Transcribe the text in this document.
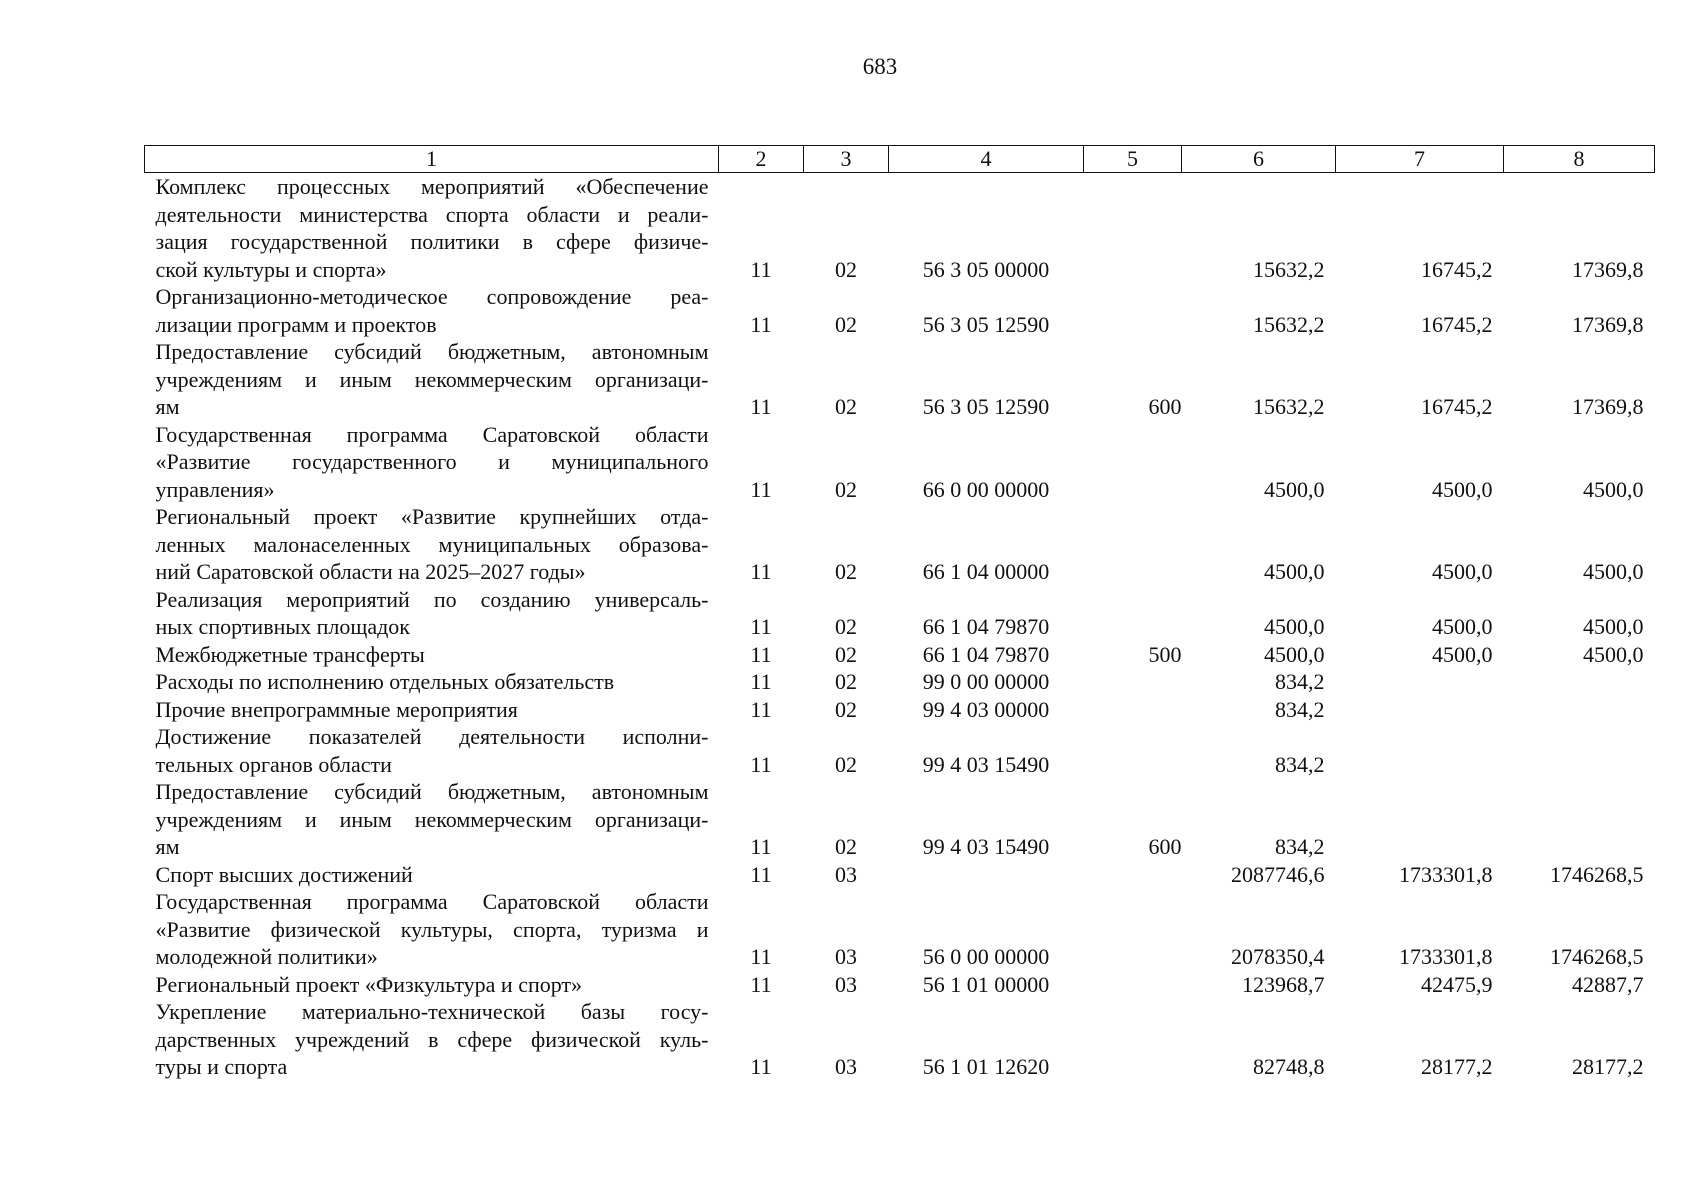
683
1	2	3	4	5	6	7	8

Комплекс процессных мероприятий «Обеспечение
деятельности министерства спорта области и реали-
зация государственной политики в сфере физиче-
ской культуры и спорта»	11	02	56 3 05 00000		15632,2	16745,2	17369,8

Организационно-методическое сопровождение реа-
лизации программ и проектов	11	02	56 3 05 12590		15632,2	16745,2	17369,8

Предоставление субсидий бюджетным, автономным
учреждениям и иным некоммерческим организаци-
ям	11	02	56 3 05 12590	600	15632,2	16745,2	17369,8

Государственная программа Саратовской области
«Развитие государственного и муниципального
управления»	11	02	66 0 00 00000		4500,0	4500,0	4500,0

Региональный проект «Развитие крупнейших отда-
ленных малонаселенных муниципальных образова-
ний Саратовской области на 2025–2027 годы»	11	02	66 1 04 00000		4500,0	4500,0	4500,0

Реализация мероприятий по созданию универсаль-
ных спортивных площадок	11	02	66 1 04 79870		4500,0	4500,0	4500,0

Межбюджетные трансферты	11	02	66 1 04 79870	500	4500,0	4500,0	4500,0

Расходы по исполнению отдельных обязательств	11	02	99 0 00 00000		834,2		

Прочие внепрограммные мероприятия	11	02	99 4 03 00000		834,2		

Достижение показателей деятельности исполни-
тельных органов области	11	02	99 4 03 15490		834,2		

Предоставление субсидий бюджетным, автономным
учреждениям и иным некоммерческим организаци-
ям	11	02	99 4 03 15490	600	834,2		

Спорт высших достижений	11	03			2087746,6	1733301,8	1746268,5

Государственная программа Саратовской области
«Развитие физической культуры, спорта, туризма и
молодежной политики»	11	03	56 0 00 00000		2078350,4	1733301,8	1746268,5

Региональный проект «Физкультура и спорт»	11	03	56 1 01 00000		123968,7	42475,9	42887,7

Укрепление материально-технической базы госу-
дарственных учреждений в сфере физической куль-
туры и спорта	11	03	56 1 01 12620		82748,8	28177,2	28177,2
